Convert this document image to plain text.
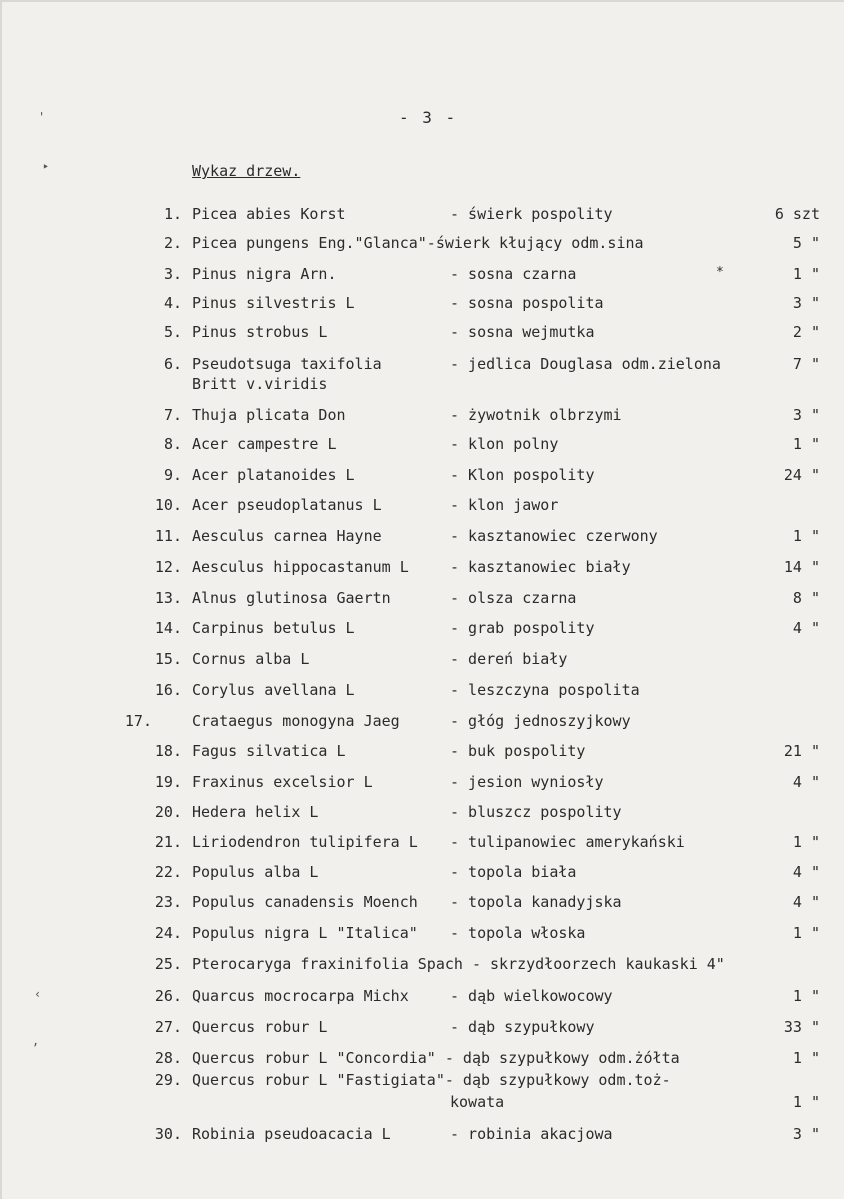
- 3 -
Wykaz drzew.
'
‣
‹
,
*
1. Picea abies Korst	- świerk pospolity	6 szt
2. Picea pungens Eng."Glanca"-świerk kłujący odm.sina	5 "
3. Pinus nigra Arn.	- sosna czarna	1 "
4. Pinus silvestris L	- sosna pospolita	3 "
5. Pinus strobus L	- sosna wejmutka	2 "
6. Pseudotsuga taxifolia	- jedlica Douglasa odm.zielona	7 "
Britt v.viridis
7. Thuja plicata Don	- żywotnik olbrzymi	3 "
8. Acer campestre L	- klon polny	1 "
9. Acer platanoides L	- Klon pospolity	24 "
10. Acer pseudoplatanus L	- klon jawor
11. Aesculus carnea Hayne	- kasztanowiec czerwony	1 "
12. Aesculus hippocastanum L	- kasztanowiec biały	14 "
13. Alnus glutinosa Gaertn	- olsza czarna	8 "
14. Carpinus betulus L	- grab pospolity	4 "
15. Cornus alba L	- dereń biały
16. Corylus avellana L	- leszczyna pospolita
17.	Crataegus monogyna Jaeg	- głóg jednoszyjkowy
18. Fagus silvatica L	- buk pospolity	21 "
19. Fraxinus excelsior L	- jesion wyniosły	4 "
20. Hedera helix L	- bluszcz pospolity
21. Liriodendron tulipifera L - tulipanowiec amerykański	1 "
22. Populus alba L	- topola biała	4 "
23. Populus canadensis Moench - topola kanadyjska	4 "
24. Populus nigra L "Italica" - topola włoska	1 "
25. Pterocaryga fraxinifolia Spach - skrzydłoorzech kaukaski 4"
26. Quarcus mocrocarpa Michx	- dąb wielkowocowy	1 "
27. Quercus robur L	- dąb szypułkowy	33 "
28. Quercus robur L "Concordia" - dąb szypułkowy odm.żółta	1 "
29. Quercus robur L "Fastigiata"- dąb szypułkowy odm.toż-
kowata	1 "
30. Robinia pseudoacacia L	- robinia akacjowa	3 "
